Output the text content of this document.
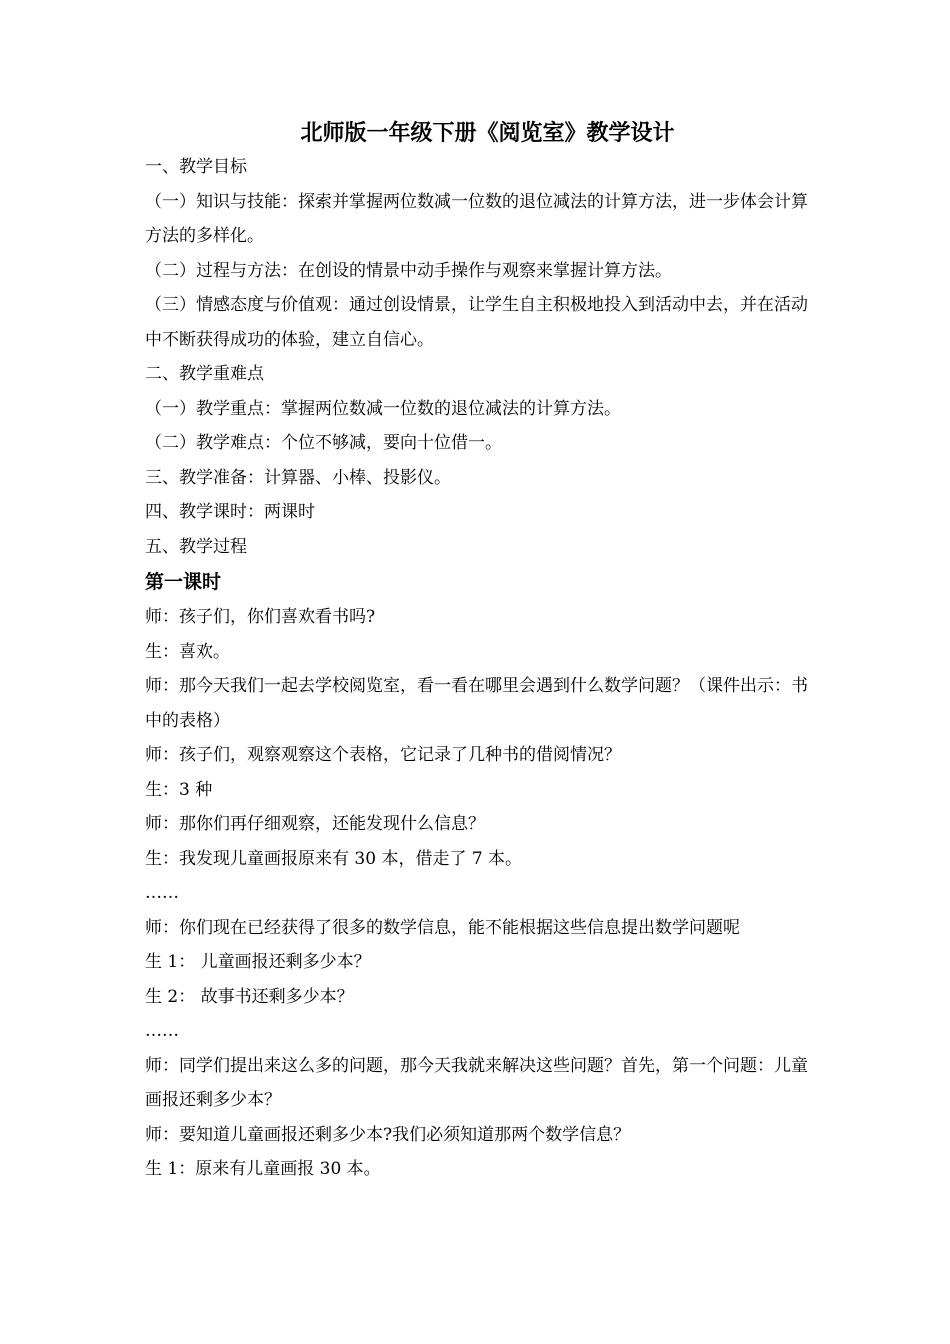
北师版一年级下册《阅览室》教学设计
一、教学目标
（一）知识与技能：探索并掌握两位数减一位数的退位减法的计算方法，进一步体会计算方法的多样化。
（二）过程与方法：在创设的情景中动手操作与观察来掌握计算方法。
（三）情感态度与价值观：通过创设情景，让学生自主积极地投入到活动中去，并在活动中不断获得成功的体验，建立自信心。
二、教学重难点
（一）教学重点：掌握两位数减一位数的退位减法的计算方法。
（二）教学难点：个位不够减，要向十位借一。
三、教学准备：计算器、小棒、投影仪。
四、教学课时：两课时
五、教学过程
第一课时
师：孩子们，你们喜欢看书吗?
生：喜欢。
师：那今天我们一起去学校阅览室，看一看在哪里会遇到什么数学问题？（课件出示：书中的表格）
师：孩子们，观察观察这个表格，它记录了几种书的借阅情况？
生：3 种
师：那你们再仔细观察，还能发现什么信息？
生：我发现儿童画报原来有 30 本，借走了 7 本。
……
师：你们现在已经获得了很多的数学信息，能不能根据这些信息提出数学问题呢
生 1： 儿童画报还剩多少本？
生 2： 故事书还剩多少本？
……
师：同学们提出来这么多的问题，那今天我就来解决这些问题？首先，第一个问题：儿童画报还剩多少本？
师：要知道儿童画报还剩多少本?我们必须知道那两个数学信息？
生 1：原来有儿童画报 30 本。
